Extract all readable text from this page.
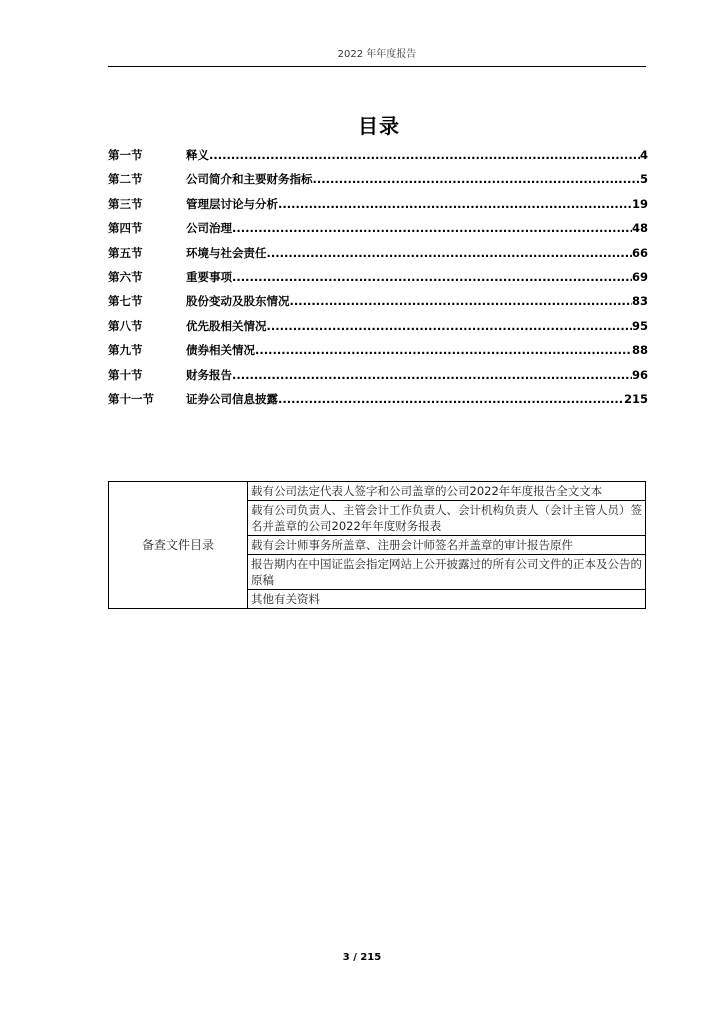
2022 年年度报告
目录
第一节	释义 .....	4
第二节	公司简介和主要财务指标 .....	5
第三节	管理层讨论与分析 .....	19
第四节	公司治理 .....	48
第五节	环境与社会责任 .....	66
第六节	重要事项 .....	69
第七节	股份变动及股东情况 .....	83
第八节	优先股相关情况 .....	95
第九节	债券相关情况 .....	88
第十节	财务报告 .....	96
第十一节	证券公司信息披露 .....	215
备查文件目录	载有公司法定代表人签字和公司盖章的公司2022年年度报告全文文本
载有公司负责人、主管会计工作负责人、会计机构负责人（会计主管人员）签名并盖章的公司2022年年度财务报表
载有会计师事务所盖章、注册会计师签名并盖章的审计报告原件
报告期内在中国证监会指定网站上公开披露过的所有公司文件的正本及公告的原稿
其他有关资料
3 / 215
